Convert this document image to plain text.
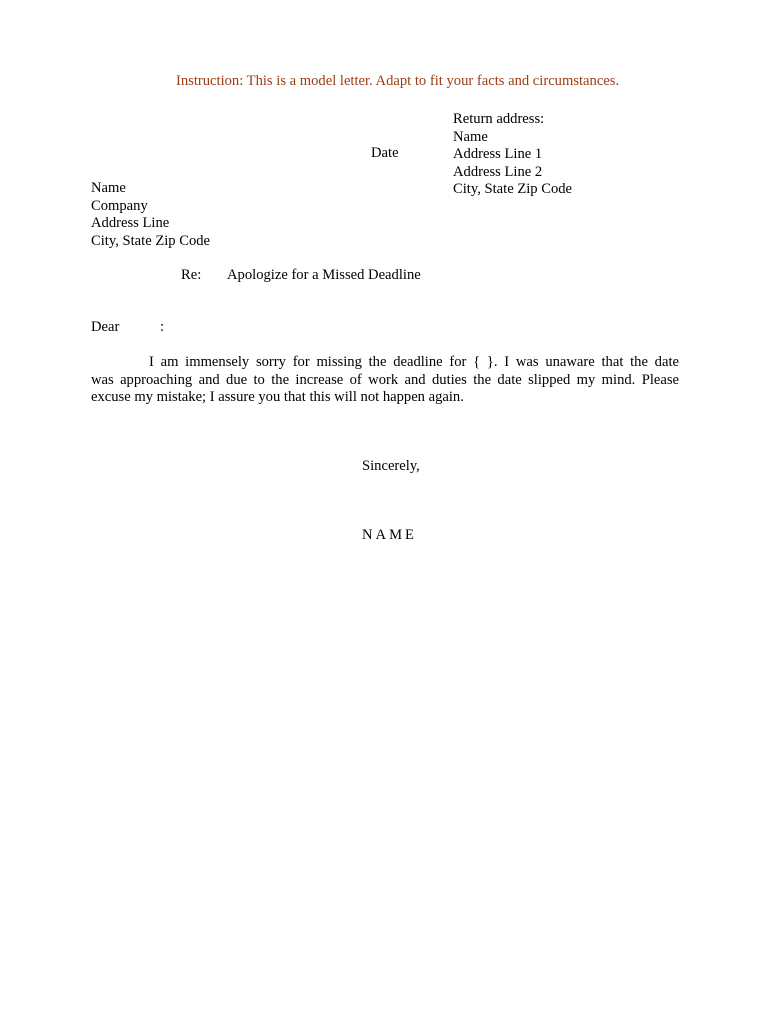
Instruction: This is a model letter. Adapt to fit your facts and circumstances.
Return address:
Name
Address Line 1
Address Line 2
City, State Zip Code
Date
Name
Company
Address Line
City, State Zip Code
Re: Apologize for a Missed Deadline
Dear	:
I am immensely sorry for missing the deadline for { }. I was unaware that the date
was approaching and due to the increase of work and duties the date slipped my mind. Please
excuse my mistake; I assure you that this will not happen again.
Sincerely,
NAME
